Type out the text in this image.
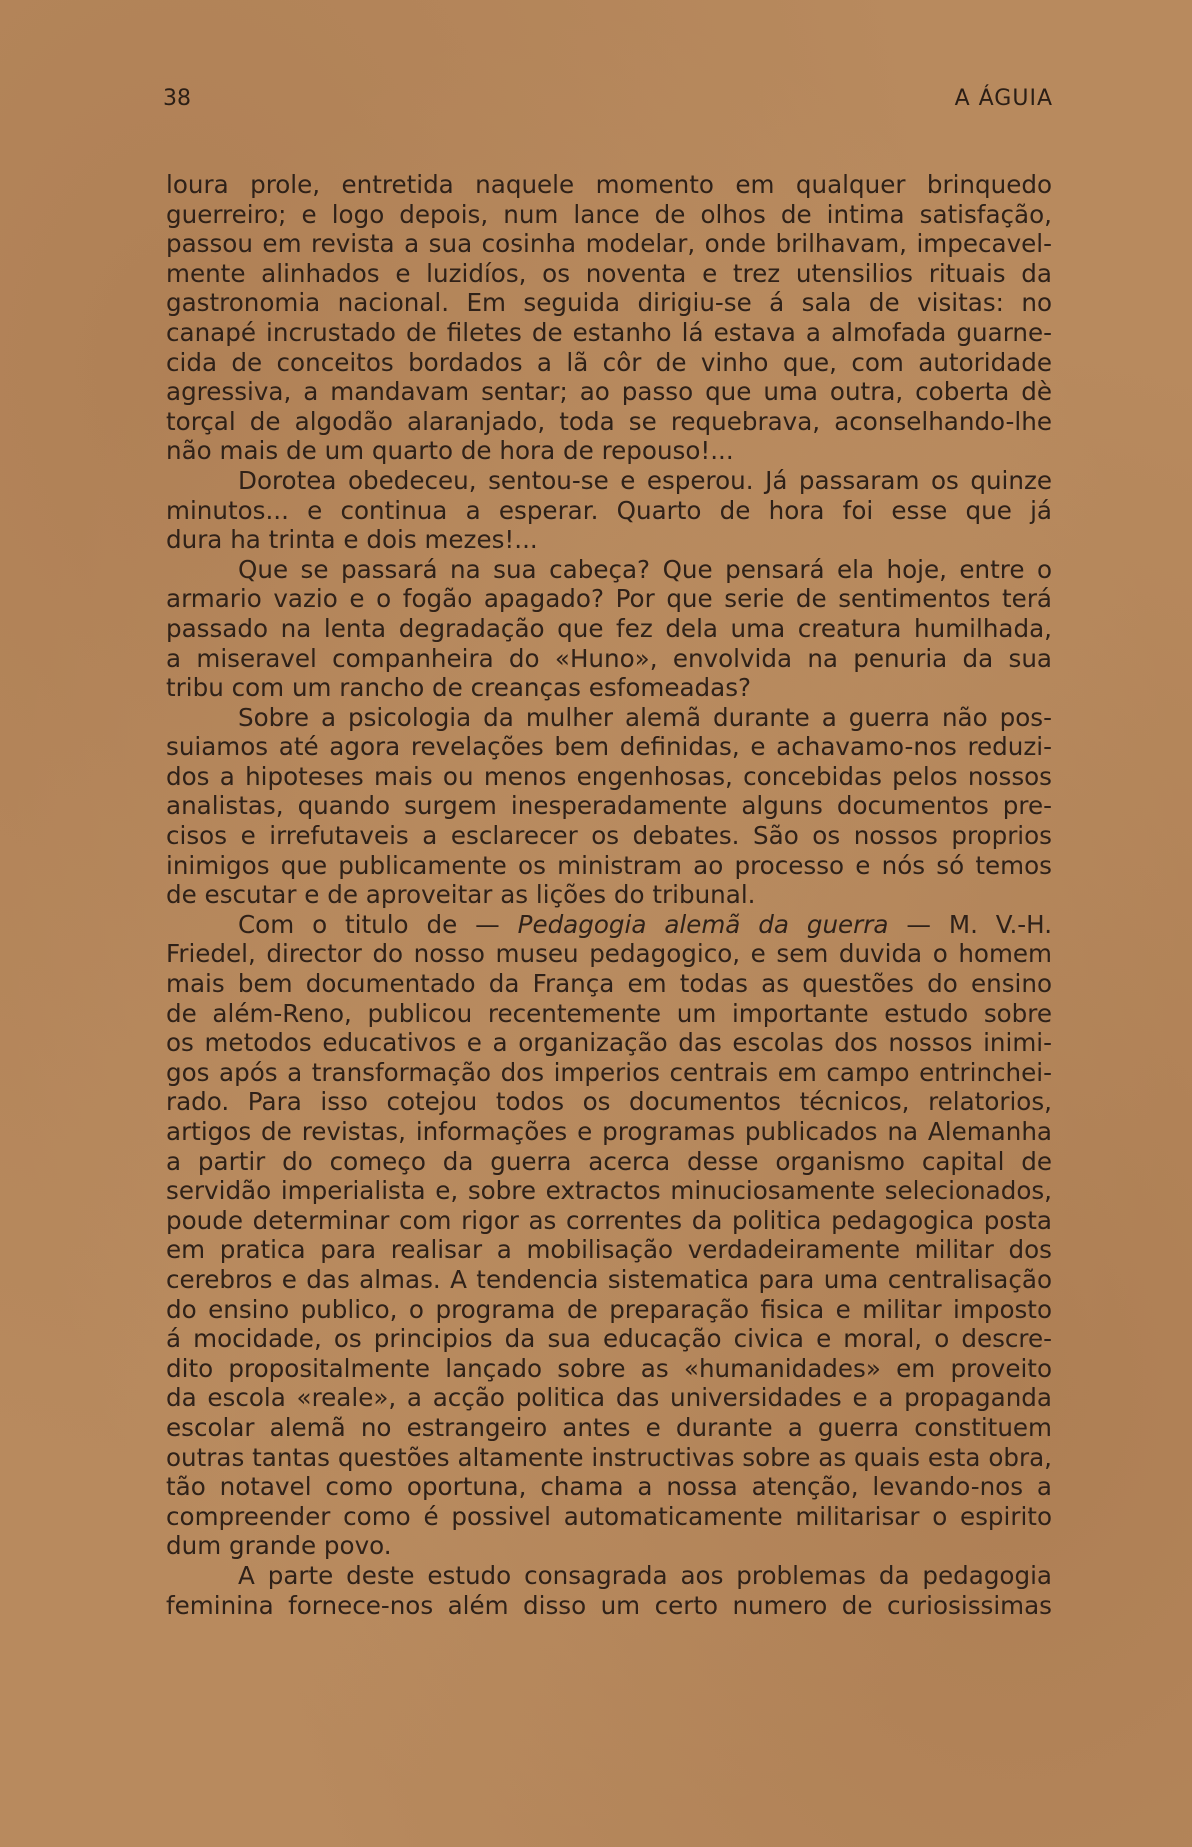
38	A ÁGUIA
loura prole, entretida naquele momento em qualquer brinquedo
guerreiro; e logo depois, num lance de olhos de intima satisfação,
passou em revista a sua cosinha modelar, onde brilhavam, impecavel-
mente alinhados e luzidíos, os noventa e trez utensilios rituais da
gastronomia nacional. Em seguida dirigiu-se á sala de visitas: no
canapé incrustado de filetes de estanho lá estava a almofada guarne-
cida de conceitos bordados a lã côr de vinho que, com autoridade
agressiva, a mandavam sentar; ao passo que uma outra, coberta dè
torçal de algodão alaranjado, toda se requebrava, aconselhando-lhe
não mais de um quarto de hora de repouso!...
Dorotea obedeceu, sentou-se e esperou. Já passaram os quinze
minutos... e continua a esperar. Quarto de hora foi esse que já
dura ha trinta e dois mezes!...
Que se passará na sua cabeça? Que pensará ela hoje, entre o
armario vazio e o fogão apagado? Por que serie de sentimentos terá
passado na lenta degradação que fez dela uma creatura humilhada,
a miseravel companheira do «Huno», envolvida na penuria da sua
tribu com um rancho de creanças esfomeadas?
Sobre a psicologia da mulher alemã durante a guerra não pos-
suiamos até agora revelações bem definidas, e achavamo-nos reduzi-
dos a hipoteses mais ou menos engenhosas, concebidas pelos nossos
analistas, quando surgem inesperadamente alguns documentos pre-
cisos e irrefutaveis a esclarecer os debates. São os nossos proprios
inimigos que publicamente os ministram ao processo e nós só temos
de escutar e de aproveitar as lições do tribunal.
Com o titulo de — Pedagogia alemã da guerra — M. V.-H.
Friedel, director do nosso museu pedagogico, e sem duvida o homem
mais bem documentado da França em todas as questões do ensino
de além-Reno, publicou recentemente um importante estudo sobre
os metodos educativos e a organização das escolas dos nossos inimi-
gos após a transformação dos imperios centrais em campo entrinchei-
rado. Para isso cotejou todos os documentos técnicos, relatorios,
artigos de revistas, informações e programas publicados na Alemanha
a partir do começo da guerra acerca desse organismo capital de
servidão imperialista e, sobre extractos minuciosamente selecionados,
poude determinar com rigor as correntes da politica pedagogica posta
em pratica para realisar a mobilisação verdadeiramente militar dos
cerebros e das almas. A tendencia sistematica para uma centralisação
do ensino publico, o programa de preparação fisica e militar imposto
á mocidade, os principios da sua educação civica e moral, o descre-
dito propositalmente lançado sobre as «humanidades» em proveito
da escola «reale», a acção politica das universidades e a propaganda
escolar alemã no estrangeiro antes e durante a guerra constituem
outras tantas questões altamente instructivas sobre as quais esta obra,
tão notavel como oportuna, chama a nossa atenção, levando-nos a
compreender como é possivel automaticamente militarisar o espirito
dum grande povo.
A parte deste estudo consagrada aos problemas da pedagogia
feminina fornece-nos além disso um certo numero de curiosissimas
